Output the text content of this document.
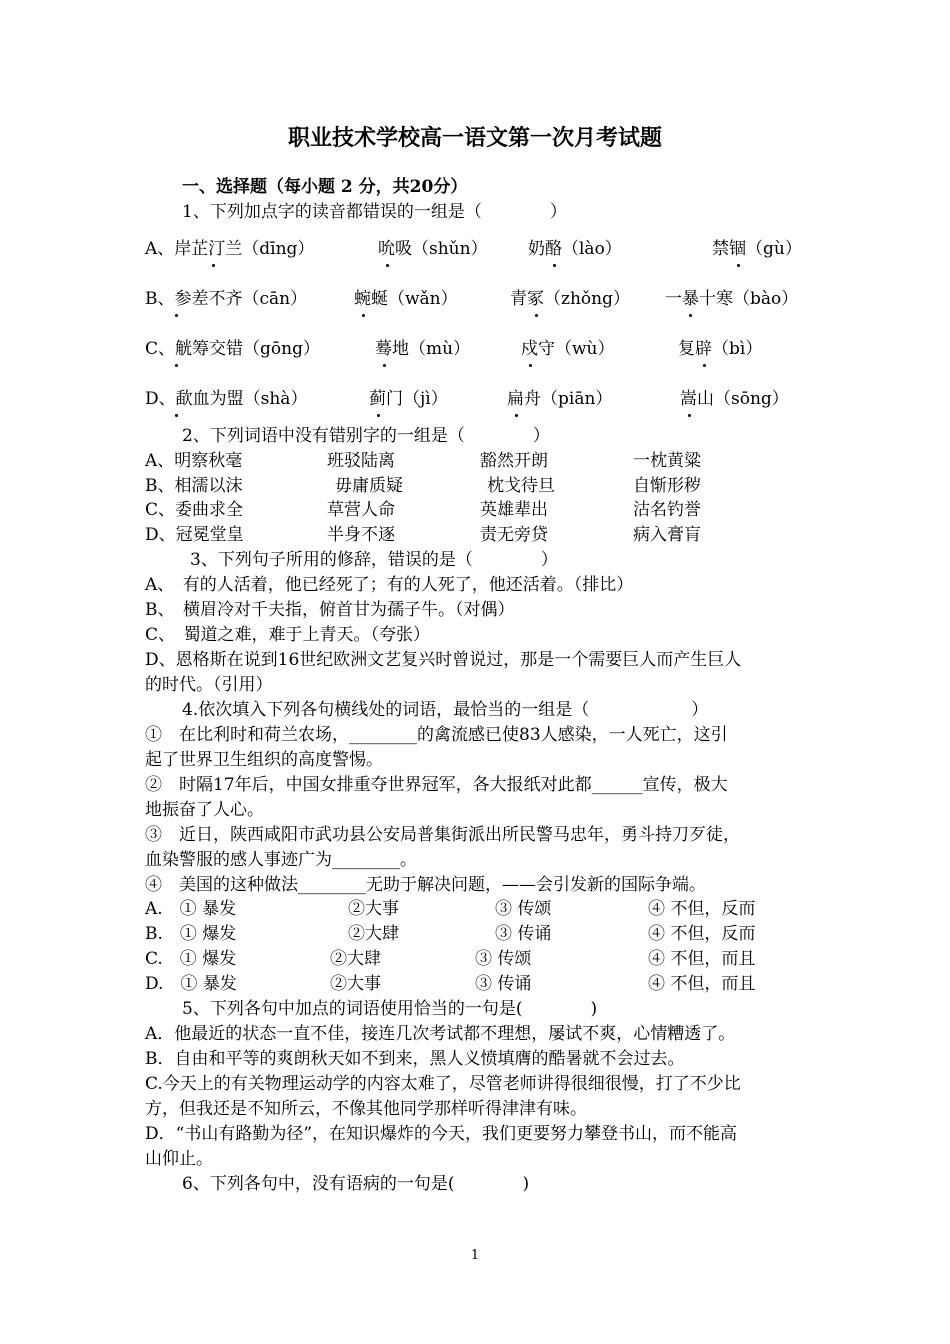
职业技术学校高一语文第一次月考试题
一、选择题（每小题 2 分，共20分）
1、下列加点字的读音都错误的一组是（　　　　）
A、岸芷汀兰（dīng）	吮吸（shǔn） 奶酪（lào）	禁锢（gù）
B、参差不齐（cān）	蜿蜒（wǎn）	青冢（zhǒng） 一暴十寒（bào）
C、觥筹交错（gōng）	蓦地（mù）	戍守（wù）	复辟（bì）
D、歃血为盟（shà）	蓟门（jì）	扁舟（piān）	嵩山（sōng）
2、下列词语中没有错别字的一组是（　　　　）
A、明察秋毫	班驳陆离	豁然开朗	一枕黄粱
B、相濡以沫	毋庸质疑	枕戈待旦	自惭形秽
C、委曲求全	草营人命	英雄辈出	沽名钓誉
D、冠冕堂皇	半身不逐	责无旁贷	病入膏肓
3、下列句子所用的修辞，错误的是（　　　　）
A、　有的人活着，他已经死了；有的人死了，他还活着。（排比）
B、　横眉冷对千夫指，俯首甘为孺子牛。（对偶）
C、　蜀道之难，难于上青天。（夸张）
D、恩格斯在说到16世纪欧洲文艺复兴时曾说过，那是一个需要巨人而产生巨人
的时代。（引用）
4.依次填入下列各句横线处的词语，最恰当的一组是（　　　　　　）
①　在比利时和荷兰农场，________的禽流感已使83人感染，一人死亡，这引
起了世界卫生组织的高度警惕。
②　时隔17年后，中国女排重夺世界冠军，各大报纸对此都______宣传，极大
地振奋了人心。
③　近日，陕西咸阳市武功县公安局普集街派出所民警马忠年，勇斗持刀歹徒，
血染警服的感人事迹广为________。
④　美国的这种做法________无助于解决问题，——会引发新的国际争端。
A.　① 暴发	②大事	③ 传颂	④ 不但，反而
B.　① 爆发	②大肆	③ 传诵	④ 不但，反而
C.　① 爆发	②大肆	③ 传颂	④ 不但，而且
D.　① 暴发	②大事	③ 传诵	④ 不但，而且
5、下列各句中加点的词语使用恰当的一句是(　　　　)
A．他最近的状态一直不佳，接连几次考试都不理想，屡试不爽，心情糟透了。
B．自由和平等的爽朗秋天如不到来，黑人义愤填膺的酷暑就不会过去。
C.今天上的有关物理运动学的内容太难了，尽管老师讲得很细很慢，打了不少比
方，但我还是不知所云，不像其他同学那样听得津津有味。
D．“书山有路勤为径”，在知识爆炸的今天，我们更要努力攀登书山，而不能高
山仰止。
6、下列各句中，没有语病的一句是(　　　　)
1
